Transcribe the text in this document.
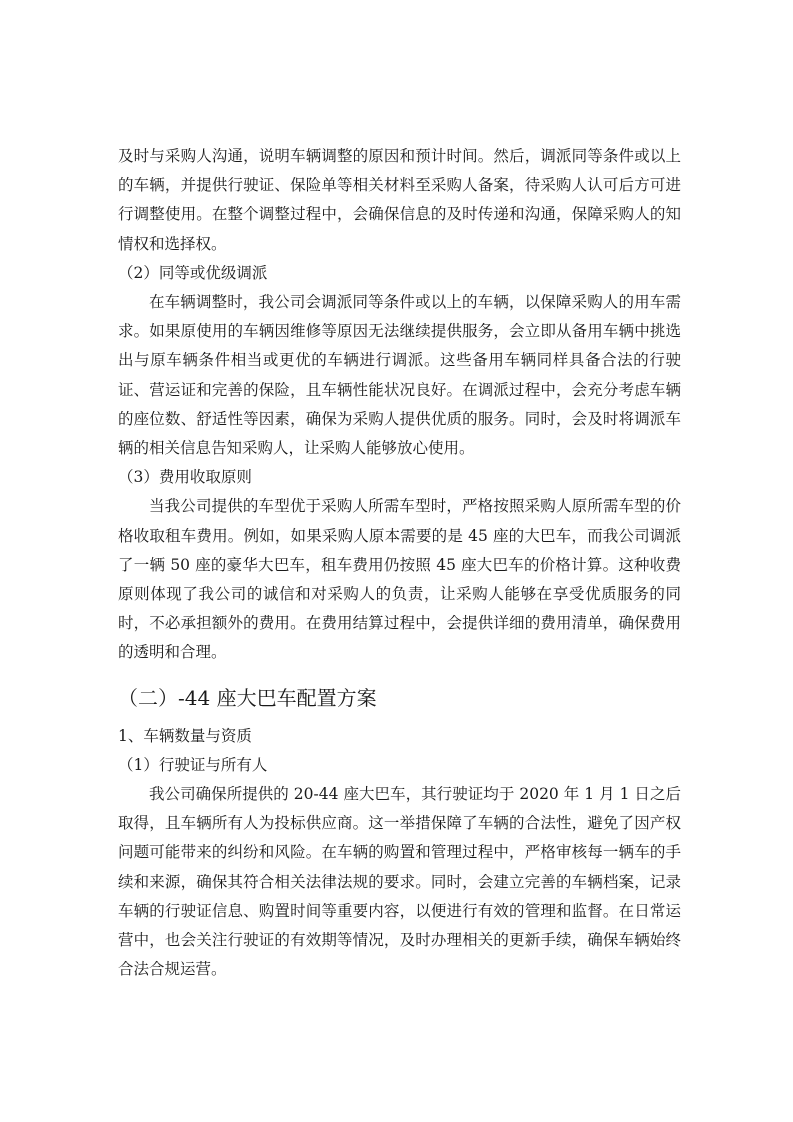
及时与采购人沟通，说明车辆调整的原因和预计时间。然后，调派同等条件或以上的车辆，并提供行驶证、保险单等相关材料至采购人备案，待采购人认可后方可进行调整使用。在整个调整过程中，会确保信息的及时传递和沟通，保障采购人的知情权和选择权。

（2）同等或优级调派

在车辆调整时，我公司会调派同等条件或以上的车辆，以保障采购人的用车需求。如果原使用的车辆因维修等原因无法继续提供服务，会立即从备用车辆中挑选出与原车辆条件相当或更优的车辆进行调派。这些备用车辆同样具备合法的行驶证、营运证和完善的保险，且车辆性能状况良好。在调派过程中，会充分考虑车辆的座位数、舒适性等因素，确保为采购人提供优质的服务。同时，会及时将调派车辆的相关信息告知采购人，让采购人能够放心使用。

（3）费用收取原则

当我公司提供的车型优于采购人所需车型时，严格按照采购人原所需车型的价格收取租车费用。例如，如果采购人原本需要的是 45 座的大巴车，而我公司调派了一辆 50 座的豪华大巴车，租车费用仍按照 45 座大巴车的价格计算。这种收费原则体现了我公司的诚信和对采购人的负责，让采购人能够在享受优质服务的同时，不必承担额外的费用。在费用结算过程中，会提供详细的费用清单，确保费用的透明和合理。

（二）-44 座大巴车配置方案

1、车辆数量与资质

（1）行驶证与所有人

我公司确保所提供的 20-44 座大巴车，其行驶证均于 2020 年 1 月 1 日之后取得，且车辆所有人为投标供应商。这一举措保障了车辆的合法性，避免了因产权问题可能带来的纠纷和风险。在车辆的购置和管理过程中，严格审核每一辆车的手续和来源，确保其符合相关法律法规的要求。同时，会建立完善的车辆档案，记录车辆的行驶证信息、购置时间等重要内容，以便进行有效的管理和监督。在日常运营中，也会关注行驶证的有效期等情况，及时办理相关的更新手续，确保车辆始终合法合规运营。
